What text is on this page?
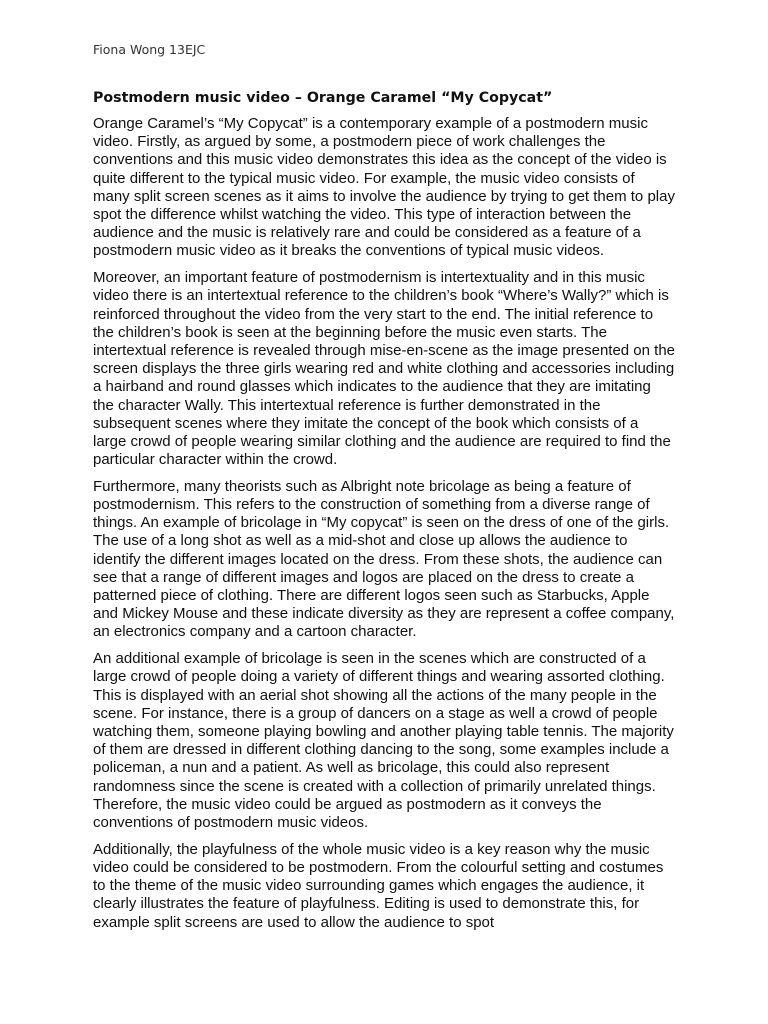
Fiona Wong 13EJC
Postmodern music video – Orange Caramel “My Copycat”

Orange Caramel’s “My Copycat” is a contemporary example of a postmodern music video. Firstly, as argued by some, a postmodern piece of work challenges the conventions and this music video demonstrates this idea as the concept of the video is quite different to the typical music video. For example, the music video consists of many split screen scenes as it aims to involve the audience by trying to get them to play spot the difference whilst watching the video. This type of interaction between the audience and the music is relatively rare and could be considered as a feature of a postmodern music video as it breaks the conventions of typical music videos.

Moreover, an important feature of postmodernism is intertextuality and in this music video there is an intertextual reference to the children’s book “Where’s Wally?” which is reinforced throughout the video from the very start to the end. The initial reference to the children’s book is seen at the beginning before the music even starts. The intertextual reference is revealed through mise-en-scene as the image presented on the screen displays the three girls wearing red and white clothing and accessories including a hairband and round glasses which indicates to the audience that they are imitating the character Wally. This intertextual reference is further demonstrated in the subsequent scenes where they imitate the concept of the book which consists of a large crowd of people wearing similar clothing and the audience are required to find the particular character within the crowd.

Furthermore, many theorists such as Albright note bricolage as being a feature of postmodernism. This refers to the construction of something from a diverse range of things. An example of bricolage in “My copycat” is seen on the dress of one of the girls. The use of a long shot as well as a mid-shot and close up allows the audience to identify the different images located on the dress. From these shots, the audience can see that a range of different images and logos are placed on the dress to create a patterned piece of clothing. There are different logos seen such as Starbucks, Apple and Mickey Mouse and these indicate diversity as they are represent a coffee company, an electronics company and a cartoon character.

An additional example of bricolage is seen in the scenes which are constructed of a large crowd of people doing a variety of different things and wearing assorted clothing. This is displayed with an aerial shot showing all the actions of the many people in the scene. For instance, there is a group of dancers on a stage as well a crowd of people watching them, someone playing bowling and another playing table tennis. The majority of them are dressed in different clothing dancing to the song, some examples include a policeman, a nun and a patient. As well as bricolage, this could also represent randomness since the scene is created with a collection of primarily unrelated things. Therefore, the music video could be argued as postmodern as it conveys the conventions of postmodern music videos.

Additionally, the playfulness of the whole music video is a key reason why the music video could be considered to be postmodern. From the colourful setting and costumes to the theme of the music video surrounding games which engages the audience, it clearly illustrates the feature of playfulness. Editing is used to demonstrate this, for example split screens are used to allow the audience to spot
